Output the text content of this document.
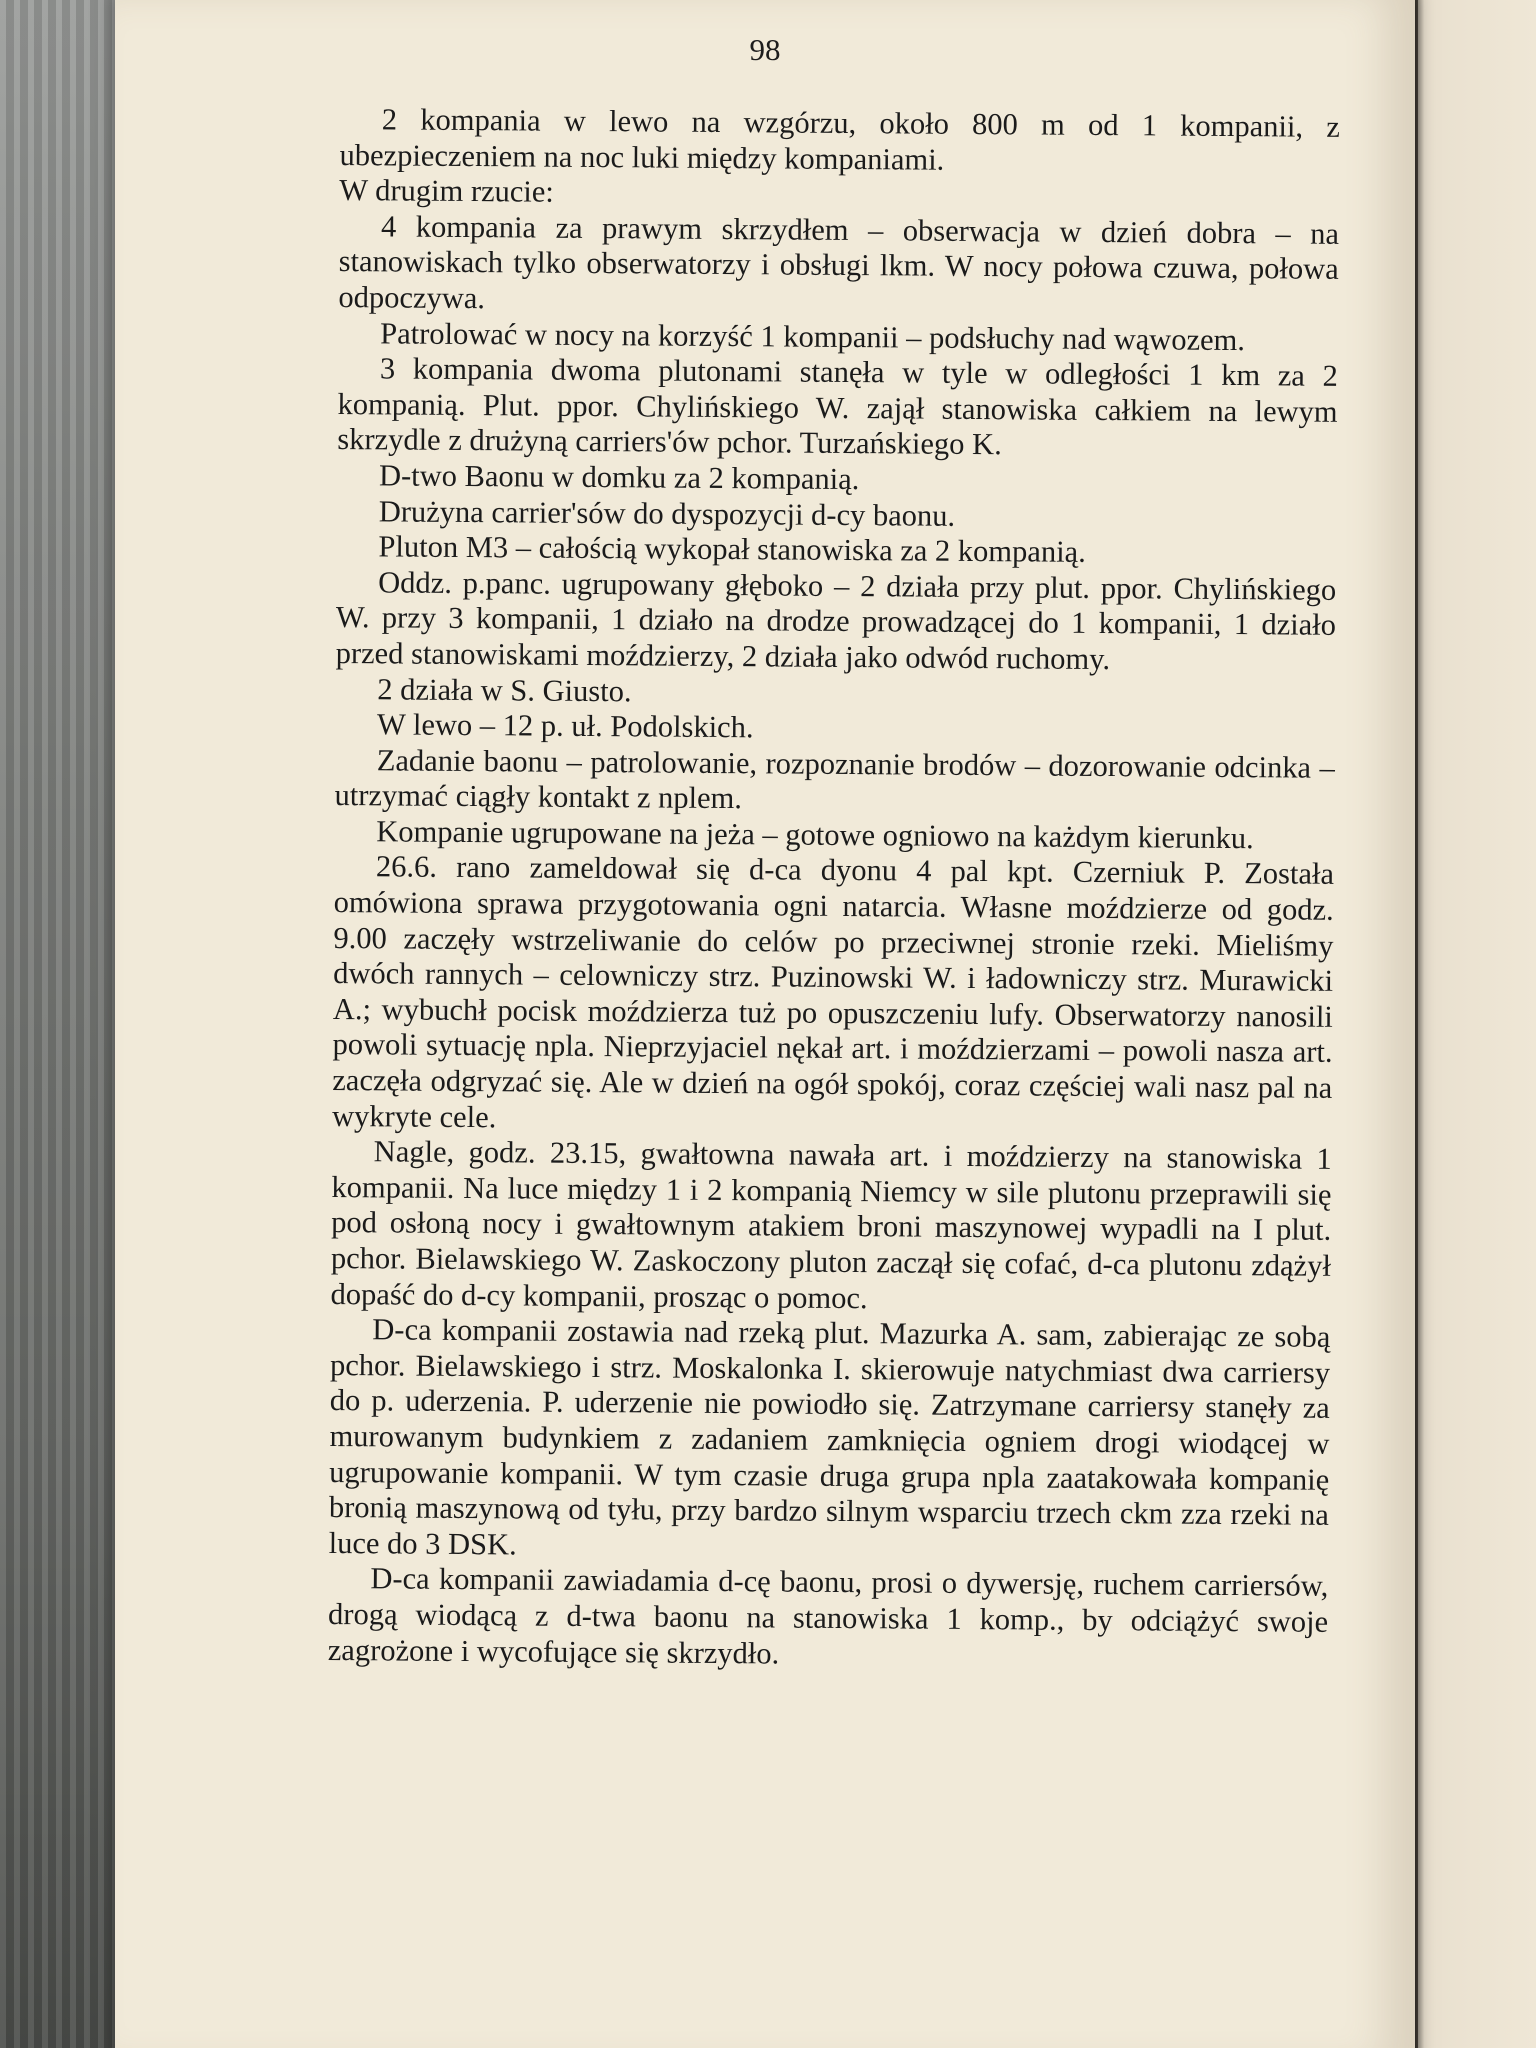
98

2 kompania w lewo na wzgórzu, około 800 m od 1 kompanii, z ubezpieczeniem na noc luki między kompaniami.

W drugim rzucie:

4 kompania za prawym skrzydłem – obserwacja w dzień dobra – na stanowiskach tylko obserwatorzy i obsługi lkm. W nocy połowa czuwa, połowa odpoczywa.

Patrolować w nocy na korzyść 1 kompanii – podsłuchy nad wąwozem.

3 kompania dwoma plutonami stanęła w tyle w odległości 1 km za 2 kompanią. Plut. ppor. Chylińskiego W. zajął stanowiska całkiem na lewym skrzydle z drużyną carriers'ów pchor. Turzańskiego K.

D-two Baonu w domku za 2 kompanią.

Drużyna carrier'sów do dyspozycji d-cy baonu.

Pluton M3 – całością wykopał stanowiska za 2 kompanią.

Oddz. p.panc. ugrupowany głęboko – 2 działa przy plut. ppor. Chylińskiego W. przy 3 kompanii, 1 działo na drodze prowadzącej do 1 kompanii, 1 działo przed stanowiskami moździerzy, 2 działa jako odwód ruchomy.

2 działa w S. Giusto.

W lewo – 12 p. uł. Podolskich.

Zadanie baonu – patrolowanie, rozpoznanie brodów – dozorowanie odcinka – utrzymać ciągły kontakt z nplem.

Kompanie ugrupowane na jeża – gotowe ogniowo na każdym kierunku.

26.6. rano zameldował się d-ca dyonu 4 pal kpt. Czerniuk P. Została omówiona sprawa przygotowania ogni natarcia. Własne moździerze od godz. 9.00 zaczęły wstrzeliwanie do celów po przeciwnej stronie rzeki. Mieliśmy dwóch rannych – celowniczy strz. Puzinowski W. i ładowniczy strz. Murawicki A.; wybuchł pocisk moździerza tuż po opuszczeniu lufy. Obserwatorzy nanosili powoli sytuację npla. Nieprzyjaciel nękał art. i moździerzami – powoli nasza art. zaczęła odgryzać się. Ale w dzień na ogół spokój, coraz częściej wali nasz pal na wykryte cele.

Nagle, godz. 23.15, gwałtowna nawała art. i moździerzy na stanowiska 1 kompanii. Na luce między 1 i 2 kompanią Niemcy w sile plutonu przeprawili się pod osłoną nocy i gwałtownym atakiem broni maszynowej wypadli na I plut. pchor. Bielawskiego W. Zaskoczony pluton zaczął się cofać, d-ca plutonu zdążył dopaść do d-cy kompanii, prosząc o pomoc.

D-ca kompanii zostawia nad rzeką plut. Mazurka A. sam, zabierając ze sobą pchor. Bielawskiego i strz. Moskalonka I. skierowuje natychmiast dwa carriersy do p. uderzenia. P. uderzenie nie powiodło się. Zatrzymane carriersy stanęły za murowanym budynkiem z zadaniem zamknięcia ogniem drogi wiodącej w ugrupowanie kompanii. W tym czasie druga grupa npla zaatakowała kompanię bronią maszynową od tyłu, przy bardzo silnym wsparciu trzech ckm zza rzeki na luce do 3 DSK.

D-ca kompanii zawiadamia d-cę baonu, prosi o dywersję, ruchem carriersów, drogą wiodącą z d-twa baonu na stanowiska 1 komp., by odciążyć swoje zagrożone i wycofujące się skrzydło.
